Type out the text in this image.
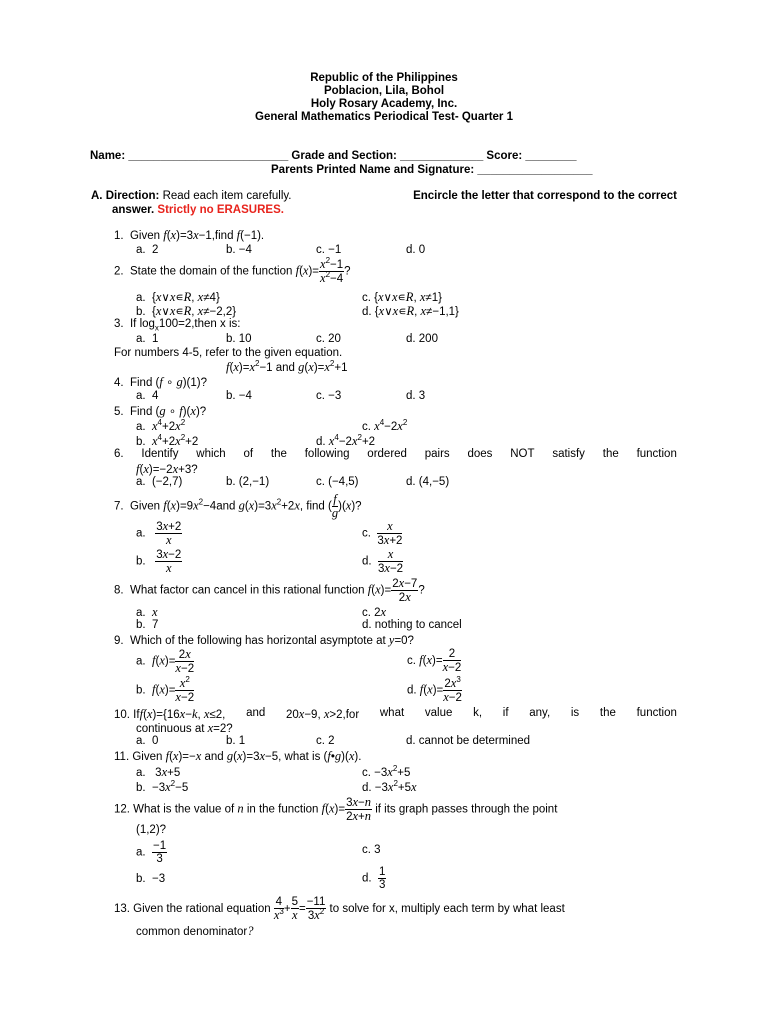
Republic of the Philippines
Poblacion, Lila, Bohol
Holy Rosary Academy, Inc.
General Mathematics Periodical Test- Quarter 1
Name: _________________________ Grade and Section: _____________ Score: ________
Parents Printed Name and Signature: __________________
A. Direction: Read each item carefully.	Encircle the letter that correspond to the correct
answer. Strictly no ERASURES.
1.  Given f(x)=3x−1,find f(−1).
a.  2	b. −4	c. −1	d. 0
2.  State the domain of the function $f(x)= \frac{x^2-1}{x^2-4}$ ?
a.  {x∨x∊R, x≠4}	c. {x∨x∊R, x≠1}
b.  {x∨x∊R, x≠−2,2}	d. {x∨x∊R, x≠−1,1}
3.  If $\log_x100=2,then$ x is:
a.  1	b. 10	c. 20	d. 200
For numbers 4-5, refer to the given equation.
$f(x)=x^2-1$ and $g(x)=x^2+1$
4.  Find (f ∘ g)(1)?
a.  4	b. −4	c. −3	d. 3
5.  Find (g ∘ f)(x)?
a.  $x^4+2x^2$	c. $x^4-2x^2$
b.  $x^4+2x^2+2$	d. $x^4-2x^2+2$
6. Identify which of the following ordered pairs does NOT satisfy the function
f(x)=−2x+3?
a.  (−2,7)	b. (2,−1)	c. (−4,5)	d. (4,−5)
7.  Given $f(x)=9x^2-4and$ $g(x)=3x^2+2x$, find ( $\frac{f}{g} )(x)$?
a. $\frac{3x+2}{x}$	c. $\frac{x}{3x+2}$
b. $\frac{3x-2}{x}$	d. $\frac{x}{3x-2}$
8.  What factor can cancel in this rational function $f(x)= \frac{2x-7}{2x}$ ?
a.  x	c. 2x
b.  7	d. nothing to cancel
9.  Which of the following has horizontal asymptote at y=0?
a.  $f(x)= \frac{2x}{x-2}$	c. $f(x)= \frac{2}{x-2}$
b.  $f(x)= \frac{x^2}{x-2}$	d. $f(x)= \frac{2x^3}{x-2}$
10. Iff(x)={16x−k, x≤2, and 20x−9, x>2,for what value k, if any, is the function
continuous at x=2?
a.  0	b. 1	c. 2	d. cannot be determined
11. Given f(x)=−x and g(x)=3x−5, what is (f•g)(x).
a.   3x+5	c. $-3x^2+5$
b.  $-3x^2-5$	d. $-3x^2+5x$
12. What is the value of n in the function $f(x)= \frac{3x-n}{2x+n}$ if its graph passes through the point
(1,2)?
a. $\frac{-1}{3}$	c. 3
b.  −3	d. $\frac{1}{3}$
13. Given the rational equation $\frac{4}{x^3} + \frac{5}{x} = \frac{-11}{3x^2}$ to solve for x, multiply each term by what least
common denominator?
